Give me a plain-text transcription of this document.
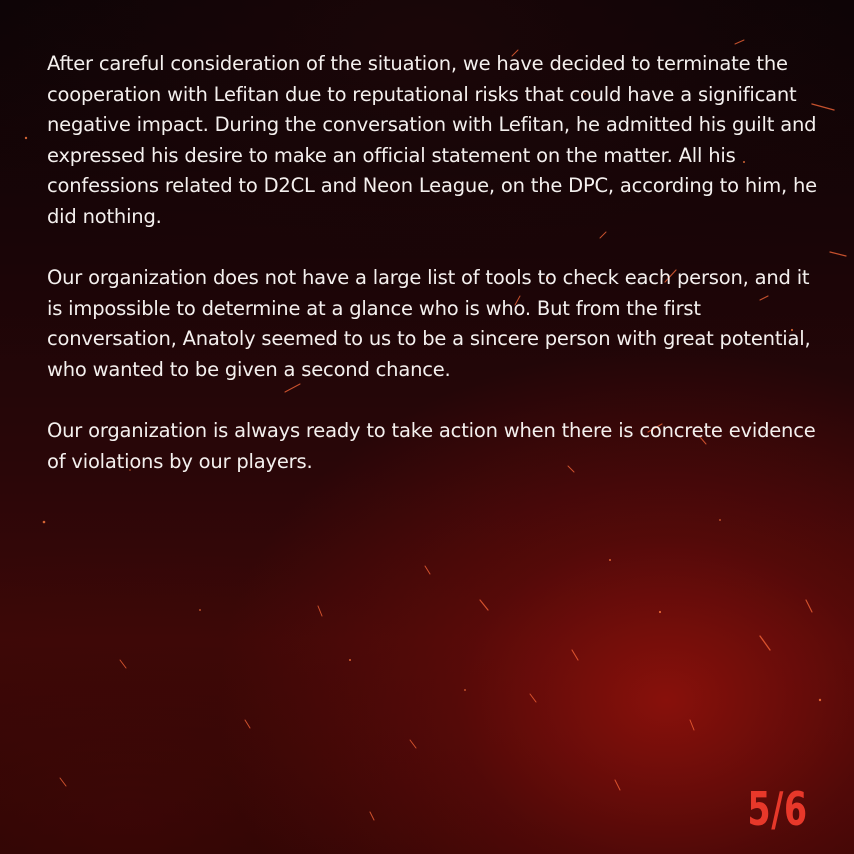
After careful consideration of the situation, we have decided to terminate the cooperation with Lefitan due to reputational risks that could have a significant negative impact. During the conversation with Lefitan, he admitted his guilt and expressed his desire to make an official statement on the matter. All his confessions related to D2CL and Neon League, on the DPC, according to him, he did nothing.

Our organization does not have a large list of tools to check each person, and it is impossible to determine at a glance who is who. But from the first conversation, Anatoly seemed to us to be a sincere person with great potential, who wanted to be given a second chance.

Our organization is always ready to take action when there is concrete evidence of violations by our players.

5/6
